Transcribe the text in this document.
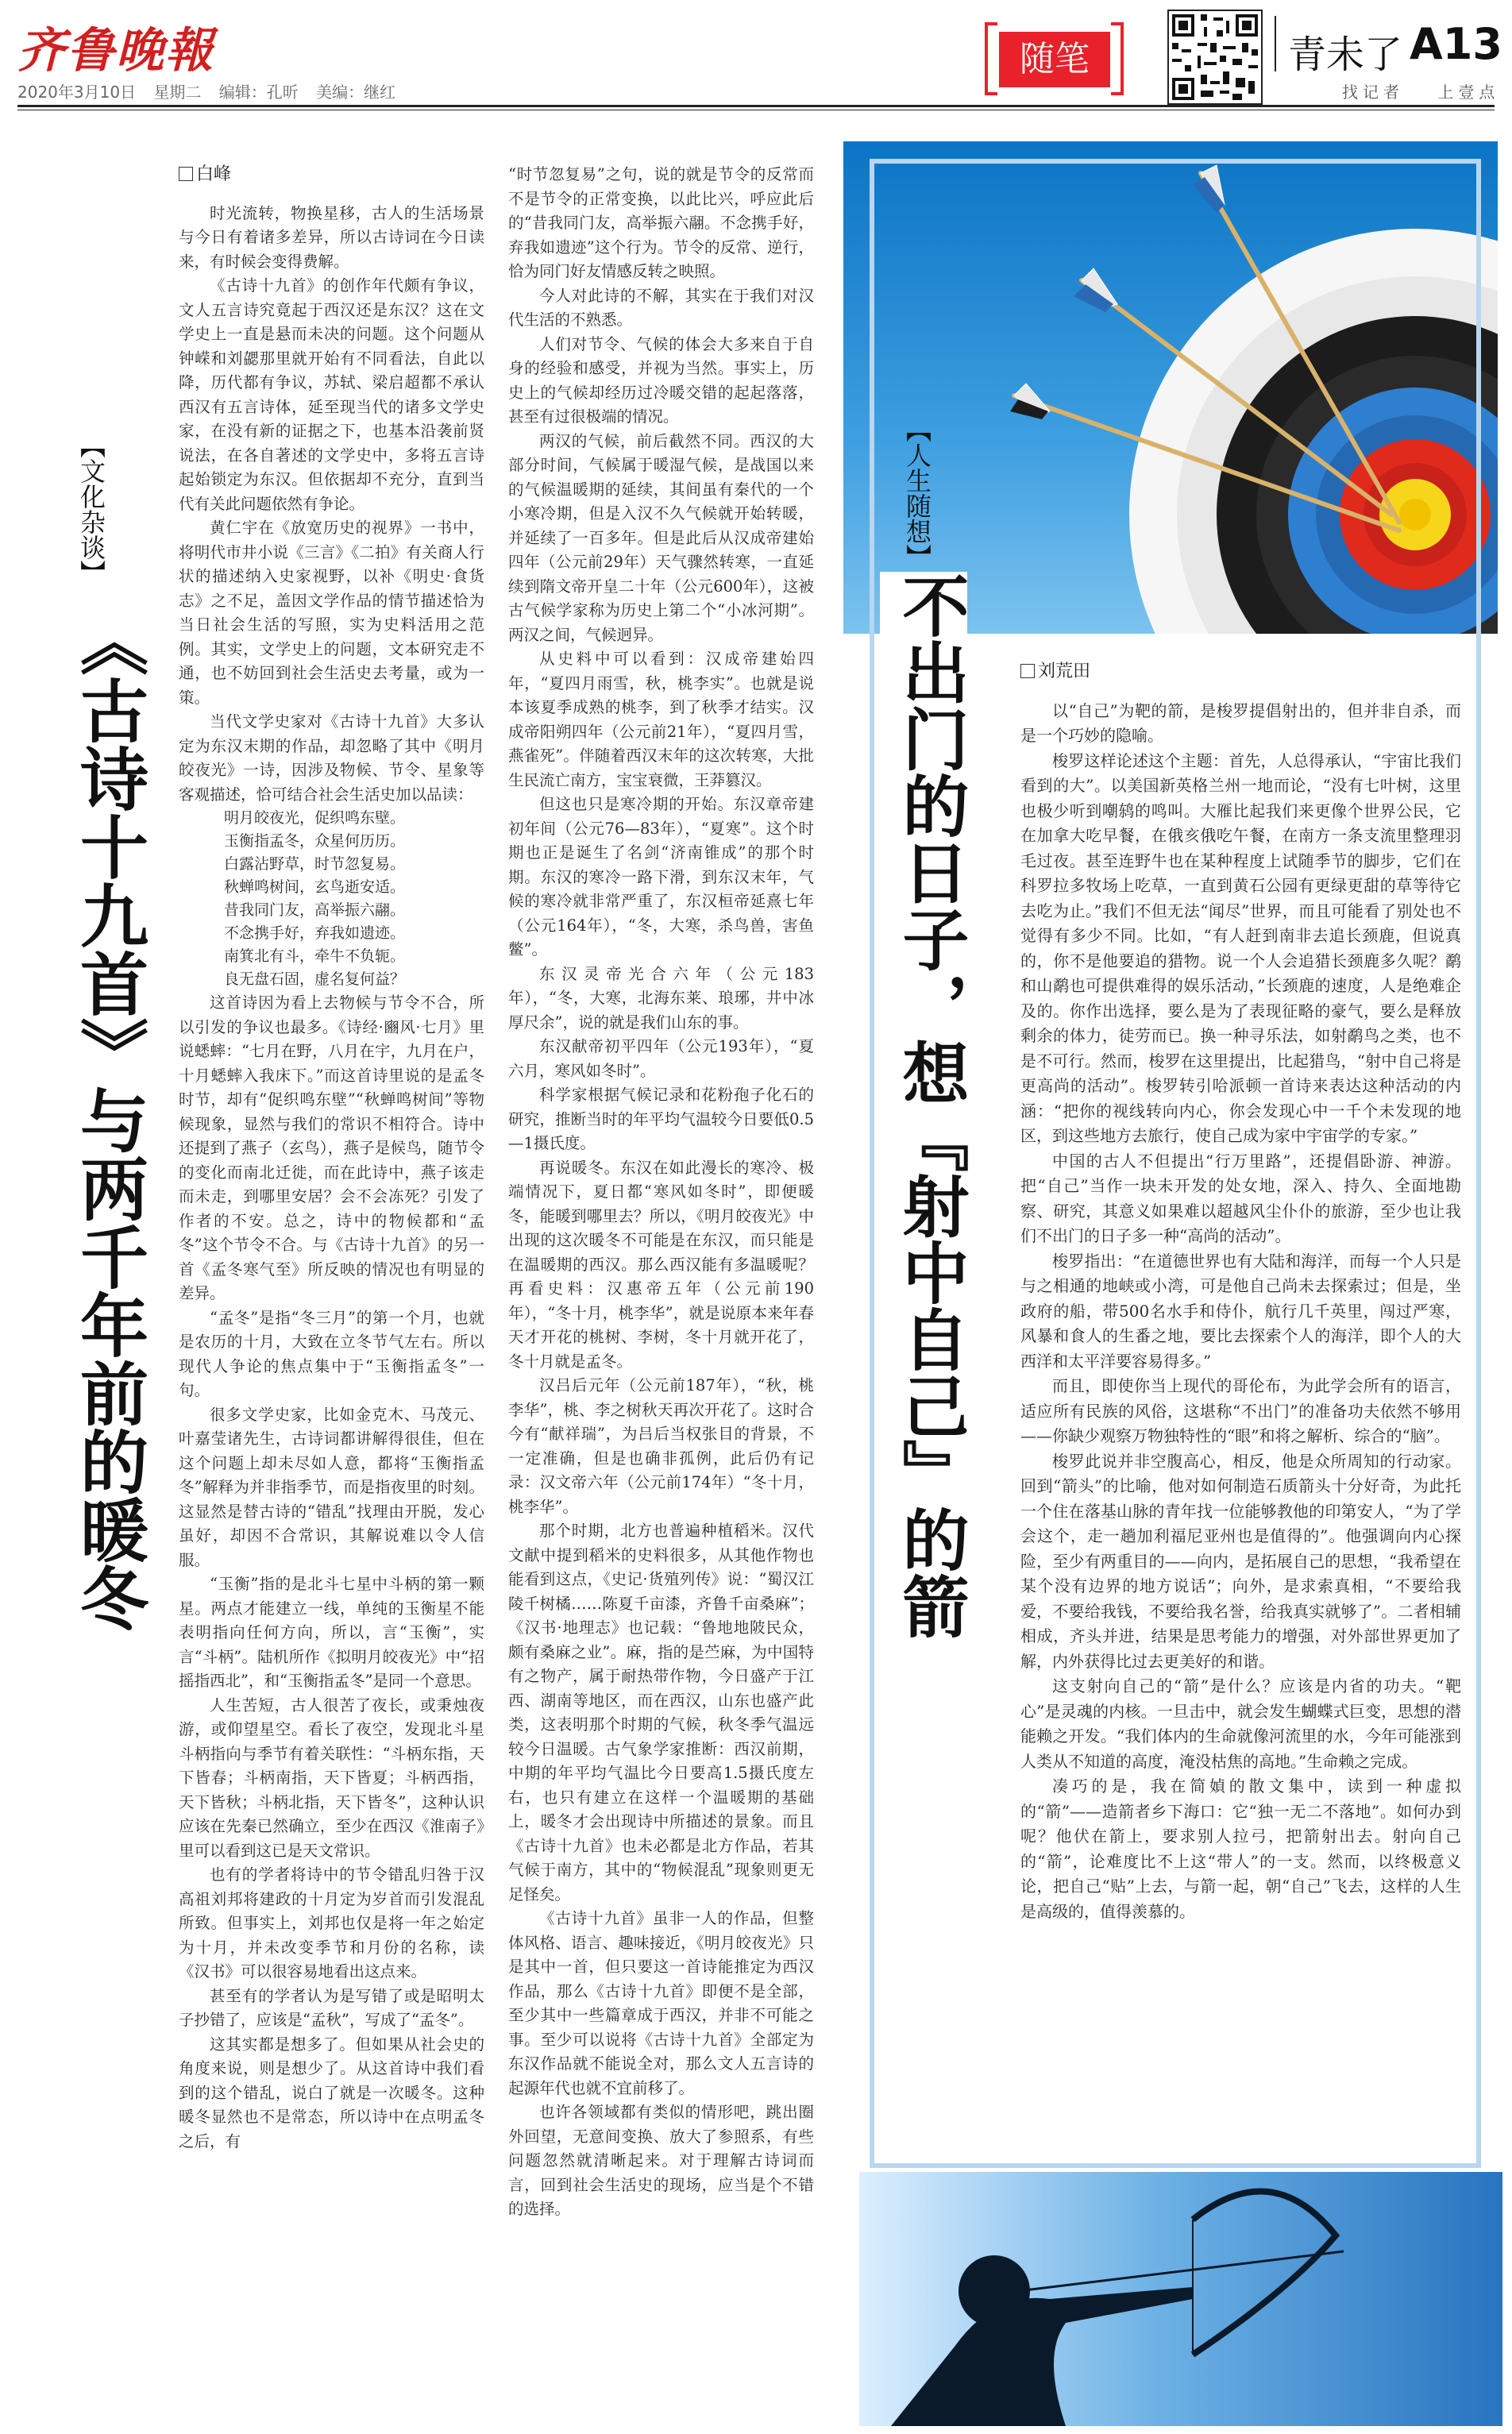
齐鲁晚報
2020年3月10日 星期二 编辑：孔昕 美编：继红
随笔	青未了 A13
找记者 上壹点
【文化杂谈】
《古诗十九首》与两千年前的暖冬
白峰

时光流转，物换星移，古人的生活场景与今日有着诸多差异，所以古诗词在今日读来，有时候会变得费解。

《古诗十九首》的创作年代颇有争议，文人五言诗究竟起于西汉还是东汉？这在文学史上一直是悬而未决的问题。这个问题从钟嵘和刘勰那里就开始有不同看法，自此以降，历代都有争议，苏轼、梁启超都不承认西汉有五言诗体，延至现当代的诸多文学史家，在没有新的证据之下，也基本沿袭前贤说法，在各自著述的文学史中，多将五言诗起始锁定为东汉。但依据却不充分，直到当代有关此问题依然有争论。

黄仁宇在《放宽历史的视界》一书中，将明代市井小说《三言》《二拍》有关商人行状的描述纳入史家视野，以补《明史·食货志》之不足，盖因文学作品的情节描述恰为当日社会生活的写照，实为史料活用之范例。其实，文学史上的问题，文本研究走不通，也不妨回到社会生活史去考量，或为一策。

当代文学史家对《古诗十九首》大多认定为东汉末期的作品，却忽略了其中《明月皎夜光》一诗，因涉及物候、节令、星象等客观描述，恰可结合社会生活史加以品读：

明月皎夜光，促织鸣东壁。
玉衡指孟冬，众星何历历。
白露沾野草，时节忽复易。
秋蝉鸣树间，玄鸟逝安适。
昔我同门友，高举振六翮。
不念携手好，弃我如遗迹。
南箕北有斗，牵牛不负轭。
良无盘石固，虚名复何益？

这首诗因为看上去物候与节令不合，所以引发的争议也最多。《诗经·豳风·七月》里说蟋蟀：“七月在野，八月在宇，九月在户，十月蟋蟀入我床下。”而这首诗里说的是孟冬时节，却有“促织鸣东壁”“秋蝉鸣树间”等物候现象，显然与我们的常识不相符合。诗中还提到了燕子（玄鸟），燕子是候鸟，随节令的变化而南北迁徙，而在此诗中，燕子该走而未走，到哪里安居？会不会冻死？引发了作者的不安。总之，诗中的物候都和“孟冬”这个节令不合。与《古诗十九首》的另一首《孟冬寒气至》所反映的情况也有明显的差异。

“孟冬”是指“冬三月”的第一个月，也就是农历的十月，大致在立冬节气左右。所以现代人争论的焦点集中于“玉衡指孟冬”一句。

很多文学史家，比如金克木、马茂元、叶嘉莹诸先生，古诗词都讲解得很佳，但在这个问题上却未尽如人意，都将“玉衡指孟冬”解释为并非指季节，而是指夜里的时刻。这显然是替古诗的“错乱”找理由开脱，发心虽好，却因不合常识，其解说难以令人信服。

“玉衡”指的是北斗七星中斗柄的第一颗星。两点才能建立一线，单纯的玉衡星不能表明指向任何方向，所以，言“玉衡”，实言“斗柄”。陆机所作《拟明月皎夜光》中“招摇指西北”，和“玉衡指孟冬”是同一个意思。

人生苦短，古人很苦了夜长，或秉烛夜游，或仰望星空。看长了夜空，发现北斗星斗柄指向与季节有着关联性：“斗柄东指，天下皆春；斗柄南指，天下皆夏；斗柄西指，天下皆秋；斗柄北指，天下皆冬”，这种认识应该在先秦已然确立，至少在西汉《淮南子》里可以看到这已是天文常识。

也有的学者将诗中的节令错乱归咎于汉高祖刘邦将建政的十月定为岁首而引发混乱所致。但事实上，刘邦也仅是将一年之始定为十月，并未改变季节和月份的名称，读《汉书》可以很容易地看出这点来。

甚至有的学者认为是写错了或是昭明太子抄错了，应该是“孟秋”，写成了“孟冬”。

这其实都是想多了。但如果从社会史的角度来说，则是想少了。从这首诗中我们看到的这个错乱，说白了就是一次暖冬。这种暖冬显然也不是常态，所以诗中在点明孟冬之后，有

“时节忽复易”之句，说的就是节令的反常而不是节令的正常变换，以此比兴，呼应此后的“昔我同门友，高举振六翮。不念携手好，弃我如遗迹”这个行为。节令的反常、逆行，恰为同门好友情感反转之映照。

今人对此诗的不解，其实在于我们对汉代生活的不熟悉。

人们对节令、气候的体会大多来自于自身的经验和感受，并视为当然。事实上，历史上的气候却经历过冷暖交错的起起落落，甚至有过很极端的情况。

两汉的气候，前后截然不同。西汉的大部分时间，气候属于暖湿气候，是战国以来的气候温暖期的延续，其间虽有秦代的一个小寒冷期，但是入汉不久气候就开始转暖，并延续了一百多年。但是此后从汉成帝建始四年（公元前29年）天气骤然转寒，一直延续到隋文帝开皇二十年（公元600年），这被古气候学家称为历史上第二个“小冰河期”。两汉之间，气候迥异。

从史料中可以看到：汉成帝建始四年，“夏四月雨雪，秋，桃李实”。也就是说本该夏季成熟的桃李，到了秋季才结实。汉成帝阳朔四年（公元前21年），“夏四月雪，燕雀死”。伴随着西汉末年的这次转寒，大批生民流亡南方，宝宝衰微，王莽篡汉。

但这也只是寒冷期的开始。东汉章帝建初年间（公元76—83年），“夏寒”。这个时期也正是诞生了名剑“济南锥成”的那个时期。东汉的寒冷一路下滑，到东汉末年，气候的寒冷就非常严重了，东汉桓帝延熹七年（公元164年），“冬，大寒，杀鸟兽，害鱼鳖”。

东汉灵帝光合六年（公元183年），“冬，大寒，北海东莱、琅琊，井中冰厚尺余”，说的就是我们山东的事。

东汉献帝初平四年（公元193年），“夏六月，寒风如冬时”。

科学家根据气候记录和花粉孢子化石的研究，推断当时的年平均气温较今日要低0.5—1摄氏度。

再说暖冬。东汉在如此漫长的寒冷、极端情况下，夏日都“寒风如冬时”，即便暖冬，能暖到哪里去？所以，《明月皎夜光》中出现的这次暖冬不可能是在东汉，而只能是在温暖期的西汉。那么西汉能有多温暖呢？再看史料：汉惠帝五年（公元前190年），“冬十月，桃李华”，就是说原本来年春天才开花的桃树、李树，冬十月就开花了，冬十月就是孟冬。

汉吕后元年（公元前187年），“秋，桃李华”，桃、李之树秋天再次开花了。这时合今有“献祥瑞”，为吕后当权张目的背景，不一定准确，但是也确非孤例，此后仍有记录：汉文帝六年（公元前174年）“冬十月，桃李华”。

那个时期，北方也普遍种植稻米。汉代文献中提到稻米的史料很多，从其他作物也能看到这点，《史记·货殖列传》说：“蜀汉江陵千树橘……陈夏千亩漆，齐鲁千亩桑麻”；《汉书·地理志》也记载：“鲁地地陂民众，颇有桑麻之业”。麻，指的是苎麻，为中国特有之物产，属于耐热带作物，今日盛产于江西、湖南等地区，而在西汉，山东也盛产此类，这表明那个时期的气候，秋冬季气温远较今日温暖。古气象学家推断：西汉前期，中期的年平均气温比今日要高1.5摄氏度左右，也只有建立在这样一个温暖期的基础上，暖冬才会出现诗中所描述的景象。而且《古诗十九首》也未必都是北方作品，若其气候于南方，其中的“物候混乱”现象则更无足怪矣。

《古诗十九首》虽非一人的作品，但整体风格、语言、趣味接近，《明月皎夜光》只是其中一首，但只要这一首诗能推定为西汉作品，那么《古诗十九首》即便不是全部，至少其中一些篇章成于西汉，并非不可能之事。至少可以说将《古诗十九首》全部定为东汉作品就不能说全对，那么文人五言诗的起源年代也就不宜前移了。

也许各领域都有类似的情形吧，跳出圈外回望，无意间变换、放大了参照系，有些问题忽然就清晰起来。对于理解古诗词而言，回到社会生活史的现场，应当是个不错的选择。

【人生随想】
不出门的日子，想『射中自己』的箭	刘荒田

以“自己”为靶的箭，是梭罗提倡射出的，但并非自杀，而是一个巧妙的隐喻。

梭罗这样论述这个主题：首先，人总得承认，“宇宙比我们看到的大”。以美国新英格兰州一地而论，“没有七叶树，这里也极少听到嘲鸫的鸣叫。大雁比起我们来更像个世界公民，它在加拿大吃早餐，在俄亥俄吃午餐，在南方一条支流里整理羽毛过夜。甚至连野牛也在某种程度上试随季节的脚步，它们在科罗拉多牧场上吃草，一直到黄石公园有更绿更甜的草等待它去吃为止。”我们不但无法“闻尽”世界，而且可能看了别处也不觉得有多少不同。比如，“有人赶到南非去追长颈鹿，但说真的，你不是他要追的猎物。说一个人会追猎长颈鹿多久呢？鹬和山鹬也可提供难得的娱乐活动，”长颈鹿的速度，人是绝难企及的。你作出选择，要么是为了表现征略的豪气，要么是释放剩余的体力，徒劳而已。换一种寻乐法，如射鹬鸟之类，也不是不可行。然而，梭罗在这里提出，比起猎鸟，“射中自己将是更高尚的活动”。梭罗转引哈派顿一首诗来表达这种活动的内涵：“把你的视线转向内心，你会发现心中一千个未发现的地区，到这些地方去旅行，使自己成为家中宇宙学的专家。”

中国的古人不但提出“行万里路”，还提倡卧游、神游。把“自己”当作一块未开发的处女地，深入、持久、全面地勘察、研究，其意义如果难以超越风尘仆仆的旅游，至少也让我们不出门的日子多一种“高尚的活动”。

梭罗指出：“在道德世界也有大陆和海洋，而每一个人只是与之相通的地峡或小湾，可是他自己尚未去探索过；但是，坐政府的船，带500名水手和侍仆，航行几千英里，闯过严寒，风暴和食人的生番之地，要比去探索个人的海洋，即个人的大西洋和太平洋要容易得多。”

而且，即使你当上现代的哥伦布，为此学会所有的语言，适应所有民族的风俗，这堪称“不出门”的准备功夫依然不够用——你缺少观察万物独特性的“眼”和将之解析、综合的“脑”。

梭罗此说并非空腹高心，相反，他是众所周知的行动家。回到“箭头”的比喻，他对如何制造石质箭头十分好奇，为此托一个住在落基山脉的青年找一位能够教他的印第安人，“为了学会这个，走一趟加利福尼亚州也是值得的”。他强调向内心探险，至少有两重目的——向内，是拓展自己的思想，“我希望在某个没有边界的地方说话”；向外，是求索真相，“不要给我爱，不要给我钱，不要给我名誉，给我真实就够了”。二者相辅相成，齐头并进，结果是思考能力的增强，对外部世界更加了解，内外获得比过去更美好的和谐。

这支射向自己的“箭”是什么？应该是内省的功夫。“靶心”是灵魂的内核。一旦击中，就会发生蝴蝶式巨变，思想的潜能赖之开发。“我们体内的生命就像河流里的水，今年可能涨到人类从不知道的高度，淹没枯焦的高地。”生命赖之完成。

凑巧的是，我在简媜的散文集中，读到一种虚拟的“箭”——造箭者乡下海口：它“独一无二不落地”。如何办到呢？他伏在箭上，要求别人拉弓，把箭射出去。射向自己的“箭”，论难度比不上这“带人”的一支。然而，以终极意义论，把自己“贴”上去，与箭一起，朝“自己”飞去，这样的人生是高级的，值得羡慕的。
